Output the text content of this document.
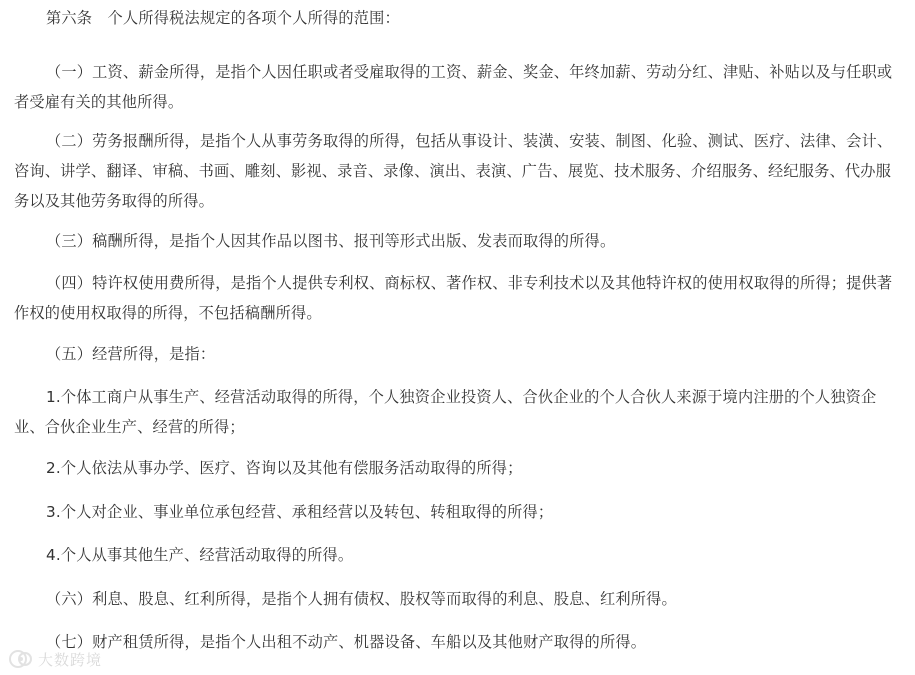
第六条　个人所得税法规定的各项个人所得的范围：

（一）工资、薪金所得，是指个人因任职或者受雇取得的工资、薪金、奖金、年终加薪、劳动分红、津贴、补贴以及与任职或者受雇有关的其他所得。

（二）劳务报酬所得，是指个人从事劳务取得的所得，包括从事设计、装潢、安装、制图、化验、测试、医疗、法律、会计、咨询、讲学、翻译、审稿、书画、雕刻、影视、录音、录像、演出、表演、广告、展览、技术服务、介绍服务、经纪服务、代办服务以及其他劳务取得的所得。

（三）稿酬所得，是指个人因其作品以图书、报刊等形式出版、发表而取得的所得。

（四）特许权使用费所得，是指个人提供专利权、商标权、著作权、非专利技术以及其他特许权的使用权取得的所得；提供著作权的使用权取得的所得，不包括稿酬所得。

（五）经营所得，是指：

1.个体工商户从事生产、经营活动取得的所得，个人独资企业投资人、合伙企业的个人合伙人来源于境内注册的个人独资企业、合伙企业生产、经营的所得；

2.个人依法从事办学、医疗、咨询以及其他有偿服务活动取得的所得；

3.个人对企业、事业单位承包经营、承租经营以及转包、转租取得的所得；

4.个人从事其他生产、经营活动取得的所得。

（六）利息、股息、红利所得，是指个人拥有债权、股权等而取得的利息、股息、红利所得。

（七）财产租赁所得，是指个人出租不动产、机器设备、车船以及其他财产取得的所得。

大数跨境
